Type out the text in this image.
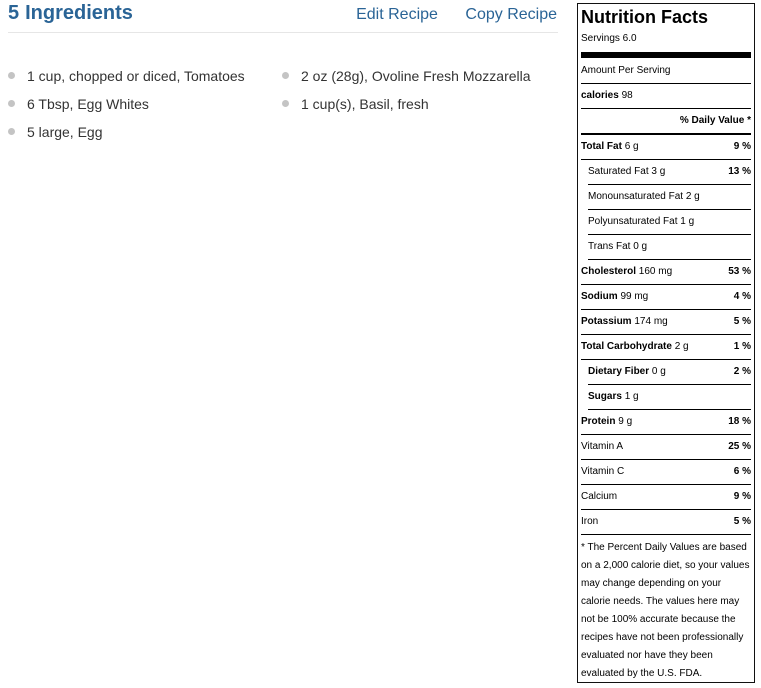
5 Ingredients	Edit Recipe Copy Recipe
1 cup, chopped or diced, Tomatoes
6 Tbsp, Egg Whites
5 large, Egg
2 oz (28g), Ovoline Fresh Mozzarella
1 cup(s), Basil, fresh
Nutrition Facts
Servings 6.0
Amount Per Serving
calories 98
% Daily Value *
Total Fat 6 g	9 %
Saturated Fat 3 g	13 %
Monounsaturated Fat 2 g
Polyunsaturated Fat 1 g
Trans Fat 0 g
Cholesterol 160 mg	53 %
Sodium 99 mg	4 %
Potassium 174 mg	5 %
Total Carbohydrate 2 g	1 %
Dietary Fiber 0 g	2 %
Sugars 1 g
Protein 9 g	18 %
Vitamin A	25 %
Vitamin C	6 %
Calcium	9 %
Iron	5 %
* The Percent Daily Values are based on a 2,000 calorie diet, so your values may change depending on your calorie needs. The values here may not be 100% accurate because the recipes have not been professionally evaluated nor have they been evaluated by the U.S. FDA.
